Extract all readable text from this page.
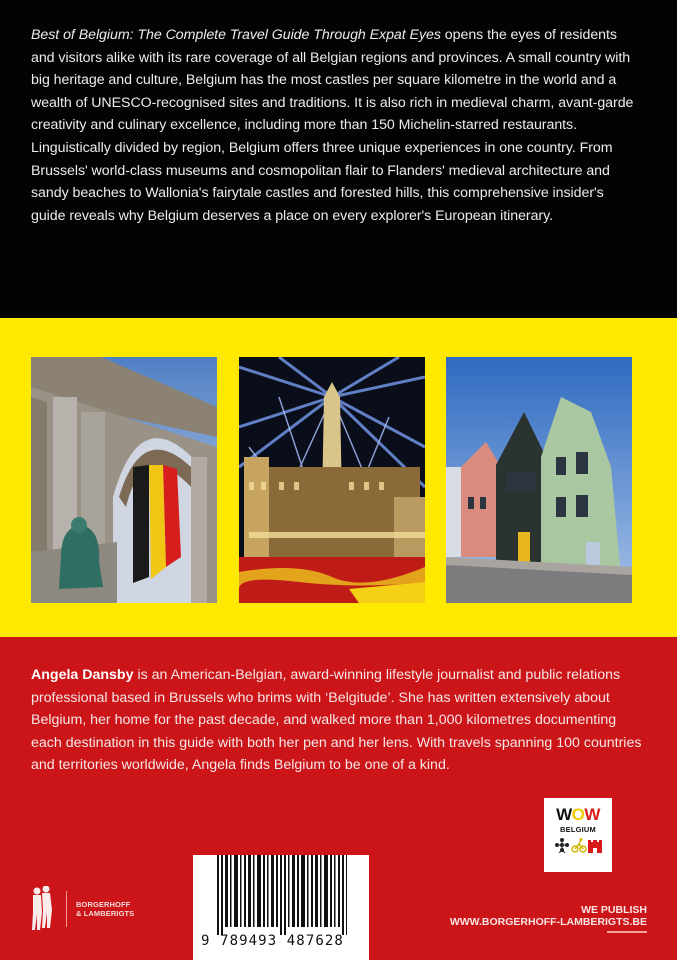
Best of Belgium: The Complete Travel Guide Through Expat Eyes opens the eyes of residents and visitors alike with its rare coverage of all Belgian regions and provinces. A small country with big heritage and culture, Belgium has the most castles per square kilometre in the world and a wealth of UNESCO-recognised sites and traditions. It is also rich in medieval charm, avant-garde creativity and culinary excellence, including more than 150 Michelin-starred restaurants. Linguistically divided by region, Belgium offers three unique experiences in one country. From Brussels' world-class museums and cosmopolitan flair to Flanders' medieval architecture and sandy beaches to Wallonia's fairytale castles and forested hills, this comprehensive insider's guide reveals why Belgium deserves a place on every explorer's European itinerary.

Angela Dansby is an American-Belgian, award-winning lifestyle journalist and public relations professional based in Brussels who brims with ‘Belgitude’. She has written extensively about Belgium, her home for the past decade, and walked more than 1,000 kilometres documenting each destination in this guide with both her pen and her lens. With travels spanning 100 countries and territories worldwide, Angela finds Belgium to be one of a kind.

WOW
BELGIUM
BORGERHOFF
& LAMBERIGTS
9 789493 487628
WE PUBLISH
WWW.BORGERHOFF-LAMBERIGTS.BE
